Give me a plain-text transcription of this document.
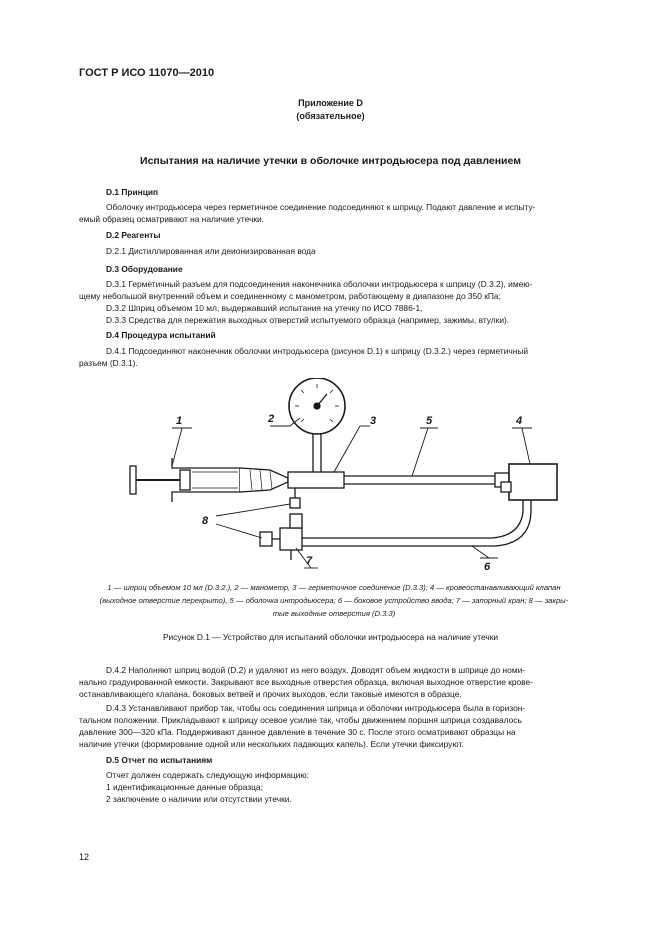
ГОСТ Р ИСО 11070—2010
Приложение D
(обязательное)
Испытания на наличие утечки в оболочке интродьюсера под давлением
D.1 Принцип
Оболочку интродьюсера через герметичное соединение подсоединяют к шприцу. Подают давление и испыту-
емый образец осматривают на наличие утечки.
D.2 Реагенты
D.2.1 Дистиллированная или деионизированная вода
D.3 Оборудование
D.3.1 Герметичный разъем для подсоединения наконечника оболочки интродьюсера к шприцу (D.3.2), имею-
щему небольшой внутренний объем и соединенному с манометром, работающему в диапазоне до 350 кПа;
D.3.2 Шприц объемом 10 мл, выдержавший испытания на утечку по ИСО 7886-1,
D.3.3 Средства для пережатия выходных отверстий испытуемого образца (например, зажимы, втулки).
D.4 Процедура испытаний
D.4.1 Подсоединяют наконечник оболочки интродьюсера (рисунок D.1) к шприцу (D.3.2.) через герметичный
разъем (D.3.1).
1	2	3	4
5
6
7
8
1 — шприц объемом 10 мл (D.3.2.), 2 — манометр, 3 — герметичное соединение (D.3.3); 4 — кровеостанавливающий клапан
(выходное отверстие перекрыто), 5 — оболочка интродьюсера; 6 — боковое устройство ввода; 7 — запорный кран; 8 — закры-
тые выходные отверстия (D.3.3)
Рисунок D.1 — Устройство для испытаний оболочки интродьюсера на наличие утечки
D.4.2 Наполняют шприц водой (D.2) и удаляют из него воздух. Доводят объем жидкости в шприце до номи-
нально градуированной емкости. Закрывают все выходные отверстия образца, включая выходное отверстие крове-
останавливающего клапана, боковых ветвей и прочих выходов, если таковые имеются в образце.
D.4.3 Устанавливают прибор так, чтобы ось соединения шприца и оболочки интродьюсера была в горизон-
тальном положении. Прикладывают к шприцу осевое усилие так, чтобы движением поршня шприца создавалось
давление 300—320 кПа. Поддерживают данное давление в течение 30 с. После этого осматривают образцы на
наличие утечки (формирование одной или нескольких падающих капель). Если утечки фиксируют.
D.5 Отчет по испытаниям
Отчет должен содержать следующую информацию:
1 идентификационные данные образца;
2 заключение о наличии или отсутствии утечки.
12
